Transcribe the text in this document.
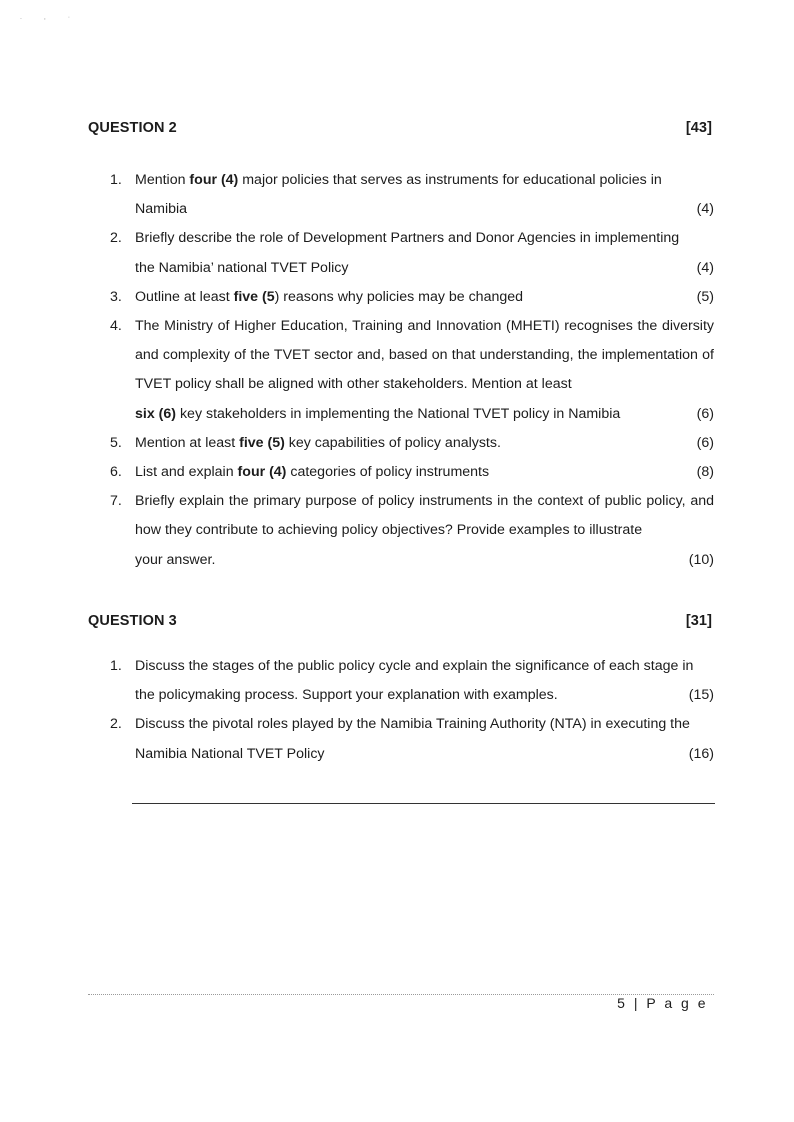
. , ·
QUESTION 2	[43]
1. Mention four (4) major policies that serves as instruments for educational policies in
Namibia	(4)
2. Briefly describe the role of Development Partners and Donor Agencies in implementing
the Namibia’ national TVET Policy	(4)
3. Outline at least five (5) reasons why policies may be changed	(5)
4. The Ministry of Higher Education, Training and Innovation (MHETI) recognises the diversity and complexity of the TVET sector and, based on that understanding, the implementation of TVET policy shall be aligned with other stakeholders. Mention at least
six (6) key stakeholders in implementing the National TVET policy in Namibia	(6)
5. Mention at least five (5) key capabilities of policy analysts.	(6)
6. List and explain four (4) categories of policy instruments	(8)
7. Briefly explain the primary purpose of policy instruments in the context of public policy, and how they contribute to achieving policy objectives? Provide examples to illustrate
your answer.	(10)
QUESTION 3	[31]
1. Discuss the stages of the public policy cycle and explain the significance of each stage in
the policymaking process. Support your explanation with examples.	(15)
2. Discuss the pivotal roles played by the Namibia Training Authority (NTA) in executing the
Namibia National TVET Policy	(16)
5 | P a g e
